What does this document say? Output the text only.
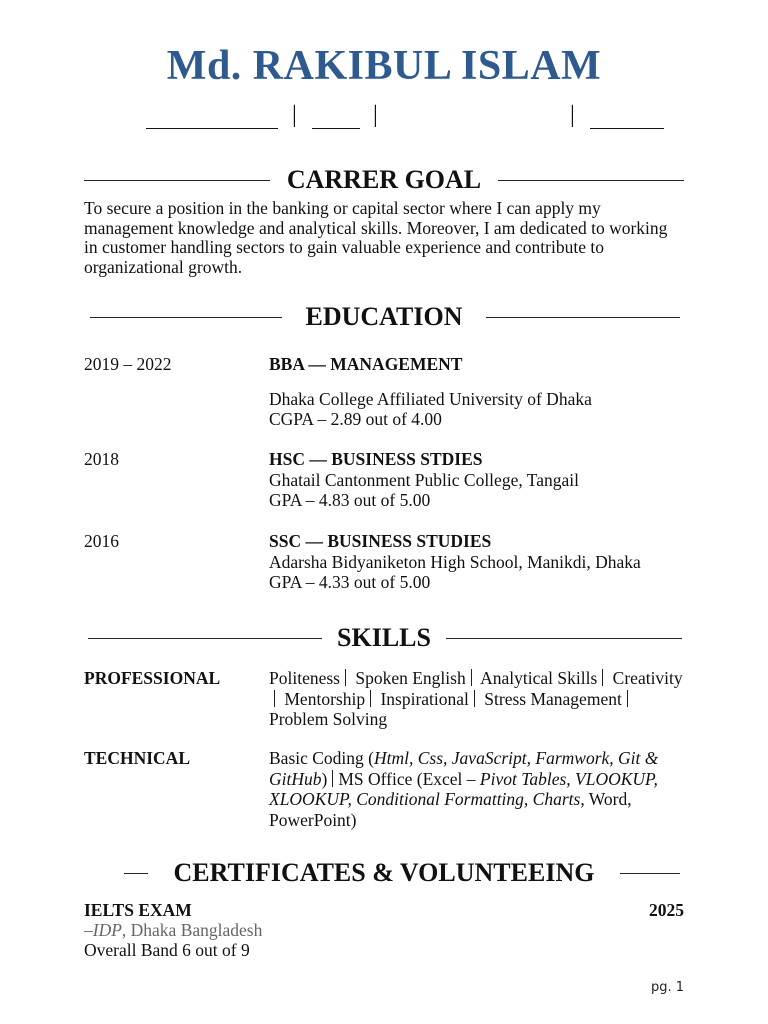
Md. RAKIBUL ISLAM
|	|	|
CARRER GOAL
To secure a position in the banking or capital sector where I can apply my management knowledge and analytical skills. Moreover, I am dedicated to working in customer handling sectors to gain valuable experience and contribute to organizational growth.
EDUCATION
2019 – 2022	BBA — MANAGEMENT
Dhaka College Affiliated University of Dhaka
CGPA – 2.89 out of 4.00
2018	HSC — BUSINESS STDIES
Ghatail Cantonment Public College, Tangail
GPA – 4.83 out of 5.00
2016	SSC — BUSINESS STUDIES
Adarsha Bidyaniketon High School, Manikdi, Dhaka
GPA – 4.33 out of 5.00
SKILLS
PROFESSIONAL	Politeness Spoken English Analytical Skills Creativity Mentorship Inspirational Stress Management Problem Solving
TECHNICAL	Basic Coding (Html, Css, JavaScript, Farmwork, Git & GitHub) MS Office (Excel – Pivot Tables, VLOOKUP, XLOOKUP, Conditional Formatting, Charts, Word, PowerPoint)
CERTIFICATES & VOLUNTEEING
IELTS EXAM	2025
–IDP, Dhaka Bangladesh
Overall Band 6 out of 9
pg. 1
